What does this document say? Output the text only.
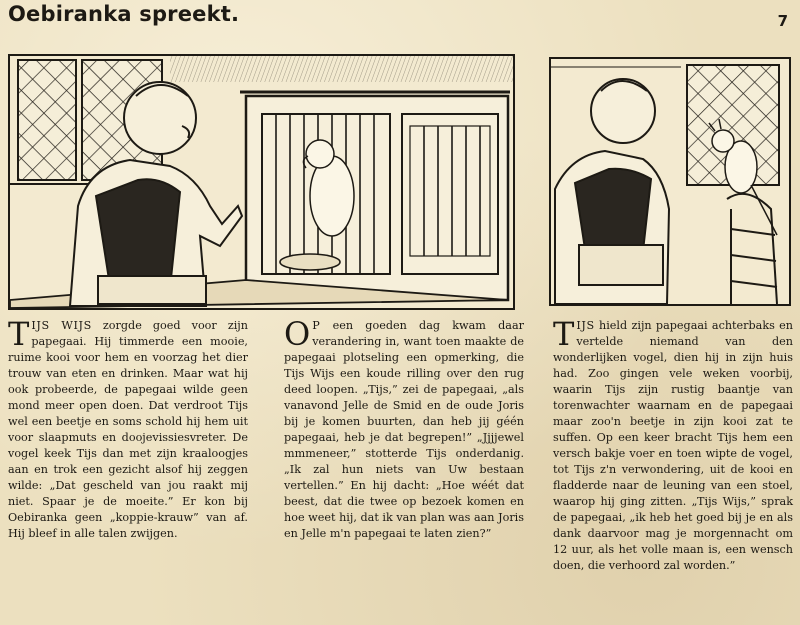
Oebiranka spreekt.	7

TIJS WIJS zorgde goed voor zijn papegaai. Hij timmerde een mooie, ruime kooi voor hem en voorzag het dier trouw van eten en drinken. Maar wat hij ook probeerde, de papegaai wilde geen mond meer open doen. Dat verdroot Tijs wel een beetje en soms schold hij hem uit voor slaapmuts en doojevissiesvreter. De vogel keek Tijs dan met zijn kraaloogjes aan en trok een gezicht alsof hij zeggen wilde: „Dat gescheld van jou raakt mij niet. Spaar je de moeite.” Er kon bij Oebiranka geen „koppie-krauw” van af. Hij bleef in alle talen zwijgen.

O P een goeden dag kwam daar verandering in, want toen maakte de papegaai plotseling een opmerking, die Tijs Wijs een koude rilling over den rug deed loopen. „Tijs,” zei de papegaai, „als vanavond Jelle de Smid en de oude Joris bij je komen buurten, dan heb jij géén papegaai, heb je dat begrepen!” „Jjjjewel mmmeneer,” stotterde Tijs onderdanig. „Ik zal hun niets van Uw bestaan vertellen.” En hij dacht: „Hoe wéét dat beest, dat die twee op bezoek komen en hoe weet hij, dat ik van plan was aan Joris en Jelle m'n papegaai te laten zien?”

TIJS hield zijn papegaai achterbaks en vertelde niemand van den wonderlijken vogel, dien hij in zijn huis had. Zoo gingen vele weken voorbij, waarin Tijs zijn rustig baantje van torenwachter waarnam en de papegaai maar zoo'n beetje in zijn kooi zat te suffen. Op een keer bracht Tijs hem een versch bakje voer en toen wipte de vogel, tot Tijs z'n verwondering, uit de kooi en fladderde naar de leuning van een stoel, waarop hij ging zitten. „Tijs Wijs,” sprak de papegaai, „ik heb het goed bij je en als dank daarvoor mag je morgennacht om 12 uur, als het volle maan is, een wensch doen, die verhoord zal worden.”
